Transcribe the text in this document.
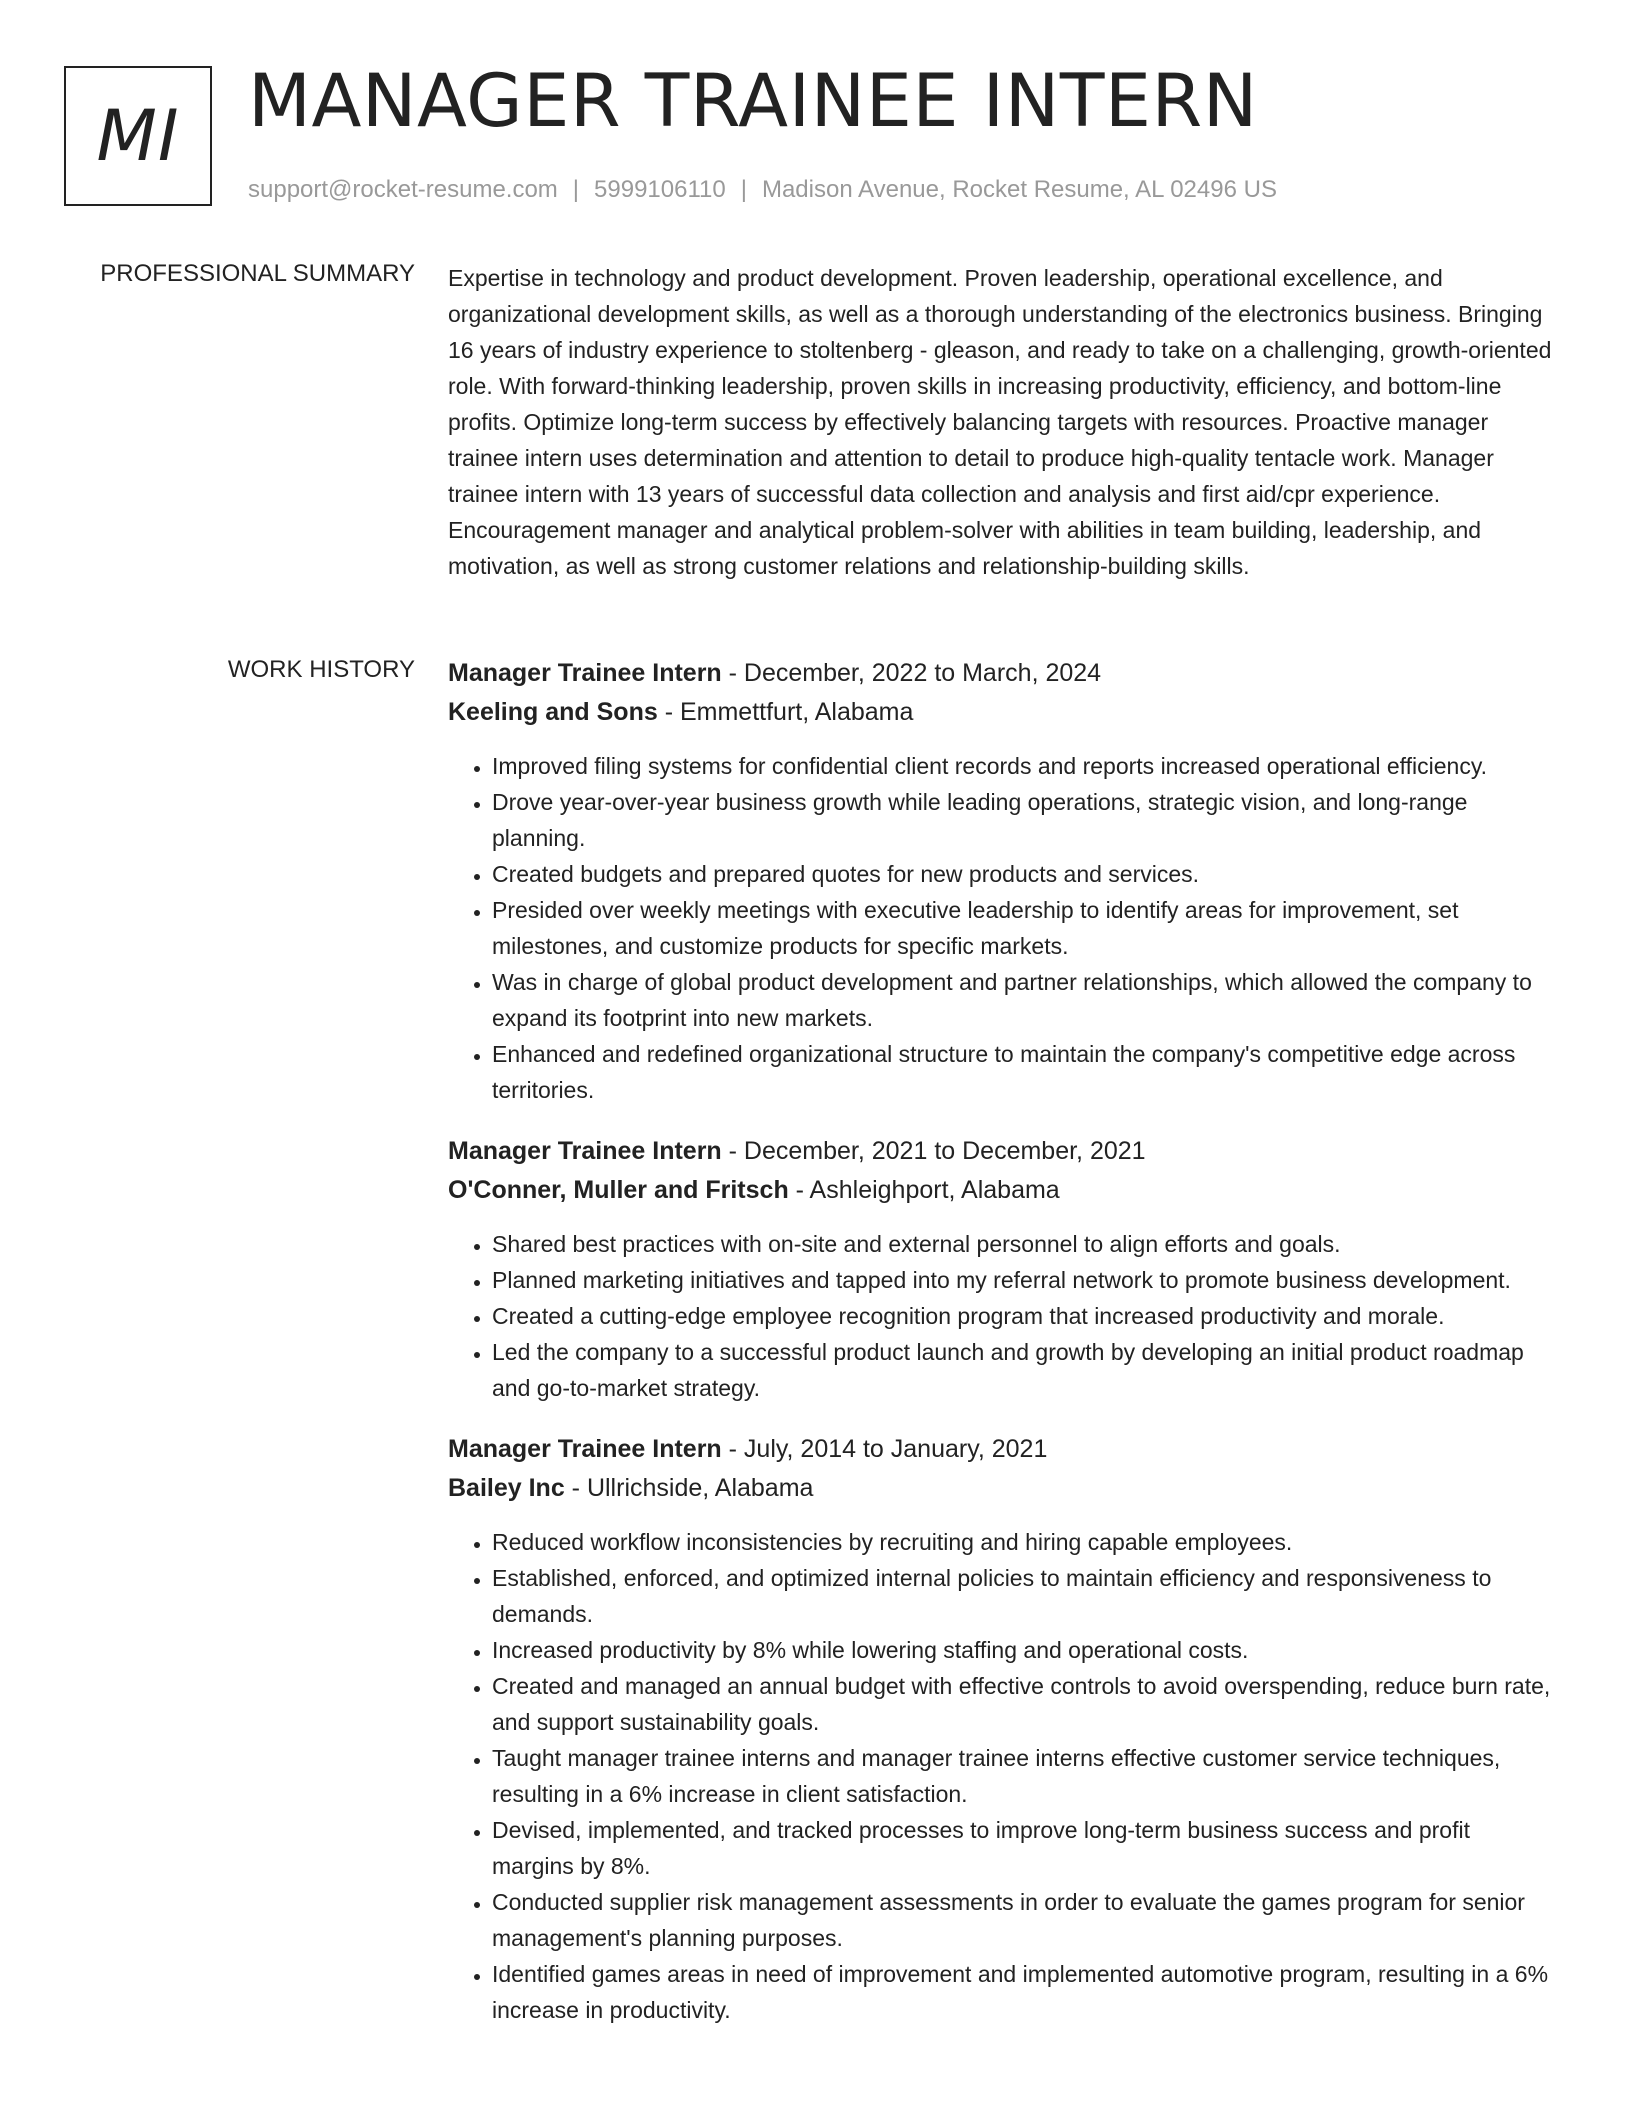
MI MANAGER TRAINEE INTERN
support@rocket-resume.com | 5999106110 | Madison Avenue, Rocket Resume, AL 02496 US
PROFESSIONAL SUMMARY Expertise in technology and product development. Proven leadership, operational excellence, and organizational development skills, as well as a thorough understanding of the electronics business. Bringing 16 years of industry experience to stoltenberg - gleason, and ready to take on a challenging, growth-oriented role. With forward-thinking leadership, proven skills in increasing productivity, efficiency, and bottom-line profits. Optimize long-term success by effectively balancing targets with resources. Proactive manager trainee intern uses determination and attention to detail to produce high-quality tentacle work. Manager trainee intern with 13 years of successful data collection and analysis and first aid/cpr experience. Encouragement manager and analytical problem-solver with abilities in team building, leadership, and motivation, as well as strong customer relations and relationship-building skills.

WORK HISTORY Manager Trainee Intern - December, 2022 to March, 2024
Keeling and Sons - Emmettfurt, Alabama
• Improved filing systems for confidential client records and reports increased operational efficiency.
• Drove year-over-year business growth while leading operations, strategic vision, and long-range planning.
• Created budgets and prepared quotes for new products and services.
• Presided over weekly meetings with executive leadership to identify areas for improvement, set milestones, and customize products for specific markets.
• Was in charge of global product development and partner relationships, which allowed the company to expand its footprint into new markets.
• Enhanced and redefined organizational structure to maintain the company's competitive edge across territories.
Manager Trainee Intern - December, 2021 to December, 2021
O'Conner, Muller and Fritsch - Ashleighport, Alabama
• Shared best practices with on-site and external personnel to align efforts and goals.
• Planned marketing initiatives and tapped into my referral network to promote business development.
• Created a cutting-edge employee recognition program that increased productivity and morale.
• Led the company to a successful product launch and growth by developing an initial product roadmap and go-to-market strategy.
Manager Trainee Intern - July, 2014 to January, 2021
Bailey Inc - Ullrichside, Alabama
• Reduced workflow inconsistencies by recruiting and hiring capable employees.
• Established, enforced, and optimized internal policies to maintain efficiency and responsiveness to demands.
• Increased productivity by 8% while lowering staffing and operational costs.
• Created and managed an annual budget with effective controls to avoid overspending, reduce burn rate, and support sustainability goals.
• Taught manager trainee interns and manager trainee interns effective customer service techniques, resulting in a 6% increase in client satisfaction.
• Devised, implemented, and tracked processes to improve long-term business success and profit margins by 8%.
• Conducted supplier risk management assessments in order to evaluate the games program for senior management's planning purposes.
• Identified games areas in need of improvement and implemented automotive program, resulting in a 6% increase in productivity.
